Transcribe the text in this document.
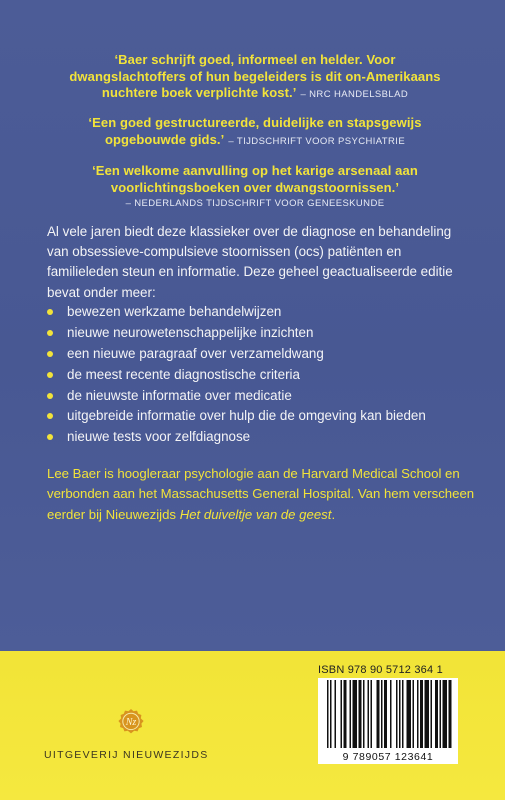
‘Baer schrijft goed, informeel en helder. Voor dwangslachtoffers of hun begeleiders is dit on-Amerikaans nuchtere boek verplichte kost.’ – NRC HANDELSBLAD
‘Een goed gestructureerde, duidelijke en stapsgewijs opgebouwde gids.’ – TIJDSCHRIFT VOOR PSYCHIATRIE
‘Een welkome aanvulling op het karige arsenaal aan voorlichtingsboeken over dwangstoornissen.’
– NEDERLANDS TIJDSCHRIFT VOOR GENEESKUNDE
Al vele jaren biedt deze klassieker over de diagnose en behandeling van obsessieve-compulsieve stoornissen (ocs) patiënten en familieleden steun en informatie. Deze geheel geactualiseerde editie bevat onder meer:
bewezen werkzame behandelwijzen
nieuwe neurowetenschappelijke inzichten
een nieuwe paragraaf over verzameldwang
de meest recente diagnostische criteria
de nieuwste informatie over medicatie
uitgebreide informatie over hulp die de omgeving kan bieden
nieuwe tests voor zelfdiagnose
Lee Baer is hoogleraar psychologie aan de Harvard Medical School en verbonden aan het Massachusetts General Hospital. Van hem verscheen eerder bij Nieuwezijds Het duiveltje van de geest.
Nz
UITGEVERIJ NIEUWEZIJDS
ISBN 978 90 5712 364 1
9 789057 123641
